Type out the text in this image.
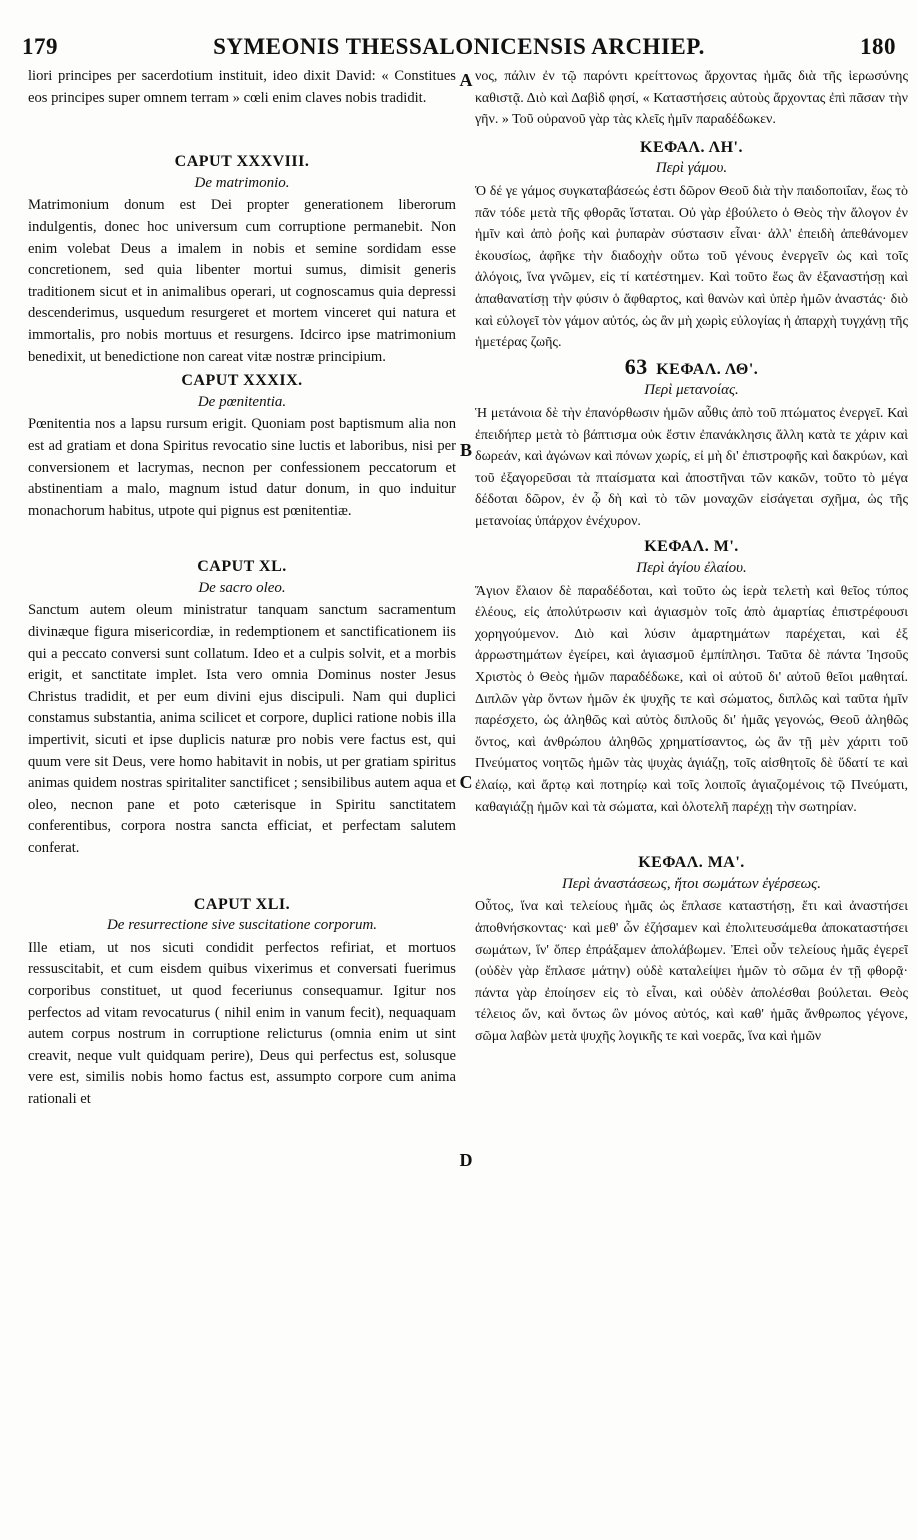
179	SYMEONIS THESSALONICENSIS ARCHIEP.	180
A
B
C
D

liori principes per sacerdotium instituit, ideo dixit David: « Constitues eos principes super omnem terram » cœli enim claves nobis tradidit.

CAPUT XXXVIII.
De matrimonio.

Matrimonium donum est Dei propter generationem liberorum indulgentis, donec hoc universum cum corruptione permanebit. Non enim volebat Deus a imalem in nobis et semine sordidam esse concretionem, sed quia libenter mortui sumus, dimisit generis traditionem sicut et in animalibus operari, ut cognoscamus quia depressi descenderimus, usquedum resurgeret et mortem vinceret qui natura et immortalis, pro nobis mortuus et resurgens. Idcirco ipse matrimonium benedixit, ut benedictione non careat vitæ nostræ principium.

CAPUT XXXIX.
De pœnitentia.

Pœnitentia nos a lapsu rursum erigit. Quoniam post baptismum alia non est ad gratiam et dona Spiritus revocatio sine luctis et laboribus, nisi per conversionem et lacrymas, necnon per confessionem peccatorum et abstinentiam a malo, magnum istud datur donum, in quo induitur monachorum habitus, utpote qui pignus est pœnitentiæ.

CAPUT XL.
De sacro oleo.

Sanctum autem oleum ministratur tanquam sanctum sacramentum divinæque figura misericordiæ, in redemptionem et sanctificationem iis qui a peccato conversi sunt collatum. Ideo et a culpis solvit, et a morbis erigit, et sanctitate implet. Ista vero omnia Dominus noster Jesus Christus tradidit, et per eum divini ejus discipuli. Nam qui duplici constamus substantia, anima scilicet et corpore, duplici ratione nobis illa impertivit, sicuti et ipse duplicis naturæ pro nobis vere factus est, qui quum vere sit Deus, vere homo habitavit in nobis, ut per gratiam spiritus animas quidem nostras spiritaliter sanctificet ; sensibilibus autem aqua et oleo, necnon pane et poto cæterisque in Spiritu sanctitatem conferentibus, corpora nostra sancta efficiat, et perfectam salutem conferat.

CAPUT XLI.
De resurrectione sive suscitatione corporum.

Ille etiam, ut nos sicuti condidit perfectos refiriat, et mortuos ressuscitabit, et cum eisdem quibus vixerimus et conversati fuerimus corporibus constituet, ut quod feceriunus consequamur. Igitur nos perfectos ad vitam revocaturus ( nihil enim in vanum fecit), nequaquam autem corpus nostrum in corruptione relicturus (omnia enim ut sint creavit, neque vult quidquam perire), Deus qui perfectus est, solusque vere est, similis nobis homo factus est, assumpto corpore cum anima rationali et

νος, πάλιν ἐν τῷ παρόντι κρείττονως ἄρχοντας ἡμᾶς διὰ τῆς ἱερωσύνης καθιστᾷ. Διὸ καὶ Δαβὶδ φησί, « Καταστήσεις αὐτοὺς ἄρχοντας ἐπὶ πᾶσαν τὴν γῆν. » Τοῦ οὐρανοῦ γὰρ τὰς κλεῖς ἡμῖν παραδέδωκεν.

ΚΕΦΑΛ. ΛΗ'.
Περὶ γάμου.

Ὁ δέ γε γάμος συγκαταβάσεώς ἐστι δῶρον Θεοῦ διὰ τὴν παιδοποιΐαν, ἕως τὸ πᾶν τόδε μετὰ τῆς φθορᾶς ἵσταται. Οὐ γὰρ ἐβούλετο ὁ Θεὸς τὴν ἄλογον ἐν ἡμῖν καὶ ἀπὸ ῥοῆς καὶ ῥυπαρὰν σύστασιν εἶναι· ἀλλ' ἐπειδὴ ἀπεθάνομεν ἑκουσίως, ἀφῆκε τὴν διαδοχὴν οὕτω τοῦ γένους ἐνεργεῖν ὡς καὶ τοῖς ἀλόγοις, ἵνα γνῶμεν, εἰς τί κατέστημεν. Καὶ τοῦτο ἕως ἂν ἐξαναστήσῃ καὶ ἀπαθανατίσῃ τὴν φύσιν ὁ ἄφθαρτος, καὶ θανὼν καὶ ὑπὲρ ἡμῶν ἀναστάς· διὸ καὶ εὐλογεῖ τὸν γάμον αὐτός, ὡς ἂν μὴ χωρὶς εὐλογίας ἡ ἀπαρχὴ τυγχάνῃ τῆς ἡμετέρας ζωῆς.

63 ΚΕΦΑΛ. ΛΘ'.
Περὶ μετανοίας.

Ἡ μετάνοια δὲ τὴν ἐπανόρθωσιν ἡμῶν αὖθις ἀπὸ τοῦ πτώματος ἐνεργεῖ. Καὶ ἐπειδήπερ μετὰ τὸ βάπτισμα οὐκ ἔστιν ἐπανάκλησις ἄλλη κατὰ τε χάριν καὶ δωρεάν, καὶ ἀγώνων καὶ πόνων χωρίς, εἰ μὴ δι' ἐπιστροφῆς καὶ δακρύων, καὶ τοῦ ἐξαγορεῦσαι τὰ πταίσματα καὶ ἀποστῆναι τῶν κακῶν, τοῦτο τὸ μέγα δέδοται δῶρον, ἐν ᾧ δὴ καὶ τὸ τῶν μοναχῶν εἰσάγεται σχῆμα, ὡς τῆς μετανοίας ὑπάρχον ἐνέχυρον.

ΚΕΦΑΛ. Μ'.
Περὶ ἁγίου ἐλαίου.

Ἅγιον ἔλαιον δὲ παραδέδοται, καὶ τοῦτο ὡς ἱερὰ τελετὴ καὶ θεῖος τύπος ἐλέους, εἰς ἀπολύτρωσιν καὶ ἁγιασμὸν τοῖς ἀπὸ ἁμαρτίας ἐπιστρέφουσι χορηγούμενον. Διὸ καὶ λύσιν ἁμαρτημάτων παρέχεται, καὶ ἐξ ἀρρωστημάτων ἐγείρει, καὶ ἁγιασμοῦ ἐμπίπλησι. Ταῦτα δὲ πάντα Ἰησοῦς Χριστὸς ὁ Θεὸς ἡμῶν παραδέδωκε, καὶ οἱ αὐτοῦ δι' αὐτοῦ θεῖοι μαθηταί. Διπλῶν γὰρ ὄντων ἡμῶν ἐκ ψυχῆς τε καὶ σώματος, διπλῶς καὶ ταῦτα ἡμῖν παρέσχετο, ὡς ἀληθῶς καὶ αὐτὸς διπλοῦς δι' ἡμᾶς γεγονώς, Θεοῦ ἀληθῶς ὄντος, καὶ ἀνθρώπου ἀληθῶς χρηματίσαντος, ὡς ἂν τῇ μὲν χάριτι τοῦ Πνεύματος νοητῶς ἡμῶν τὰς ψυχὰς ἁγιάζῃ, τοῖς αἰσθητοῖς δὲ ὕδατί τε καὶ ἐλαίῳ, καὶ ἄρτῳ καὶ ποτηρίῳ καὶ τοῖς λοιποῖς ἁγιαζομένοις τῷ Πνεύματι, καθαγιάζῃ ἡμῶν καὶ τὰ σώματα, καὶ ὁλοτελῆ παρέχῃ τὴν σωτηρίαν.

ΚΕΦΑΛ. ΜΑ'.
Περὶ ἀναστάσεως, ἤτοι σωμάτων ἐγέρσεως.

Οὗτος, ἵνα καὶ τελείους ἡμᾶς ὡς ἔπλασε καταστήσῃ, ἔτι καὶ ἀναστήσει ἀποθνήσκοντας· καὶ μεθ' ὧν ἐζήσαμεν καὶ ἐπολιτευσάμεθα ἀποκαταστήσει σωμάτων, ἵν' ὅπερ ἐπράξαμεν ἀπολάβωμεν. Ἐπεὶ οὖν τελείους ἡμᾶς ἐγερεῖ (οὐδὲν γὰρ ἔπλασε μάτην) οὐδὲ καταλείψει ἡμῶν τὸ σῶμα ἐν τῇ φθορᾷ· πάντα γὰρ ἐποίησεν εἰς τὸ εἶναι, καὶ οὐδὲν ἀπολέσθαι βούλεται. Θεὸς τέλειος ὤν, καὶ ὄντως ὢν μόνος αὐτός, καὶ καθ' ἡμᾶς ἄνθρωπος γέγονε, σῶμα λαβὼν μετὰ ψυχῆς λογικῆς τε καὶ νοερᾶς, ἵνα καὶ ἡμῶν
